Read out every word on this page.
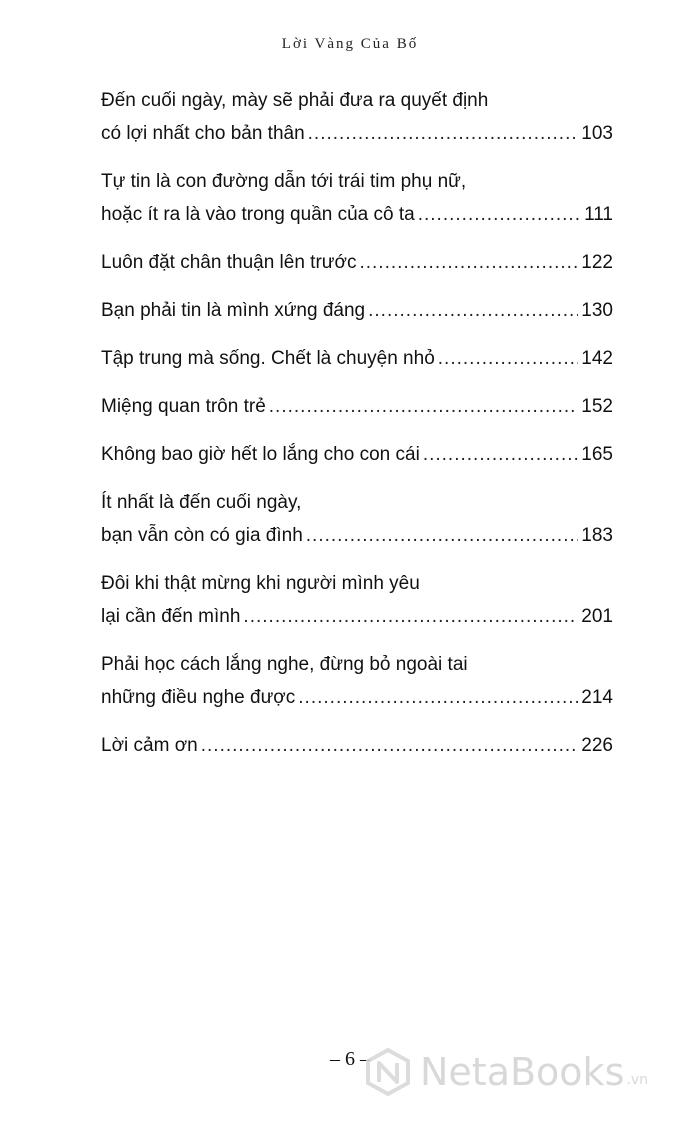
Lời Vàng Của Bố
Đến cuối ngày, mày sẽ phải đưa ra quyết định
có lợi nhất cho bản thân .....	103
Tự tin là con đường dẫn tới trái tim phụ nữ,
hoặc ít ra là vào trong quần của cô ta .....	111
Luôn đặt chân thuận lên trước .....	122
Bạn phải tin là mình xứng đáng .....	130
Tập trung mà sống. Chết là chuyện nhỏ .....	142
Miệng quan trôn trẻ .....	152
Không bao giờ hết lo lắng cho con cái .....	165
Ít nhất là đến cuối ngày,
bạn vẫn còn có gia đình .....	183
Đôi khi thật mừng khi người mình yêu
lại cần đến mình .....	201
Phải học cách lắng nghe, đừng bỏ ngoài tai
những điều nghe được .....	214
Lời cảm ơn .....	226
– 6 –	NetaBooks .vn
